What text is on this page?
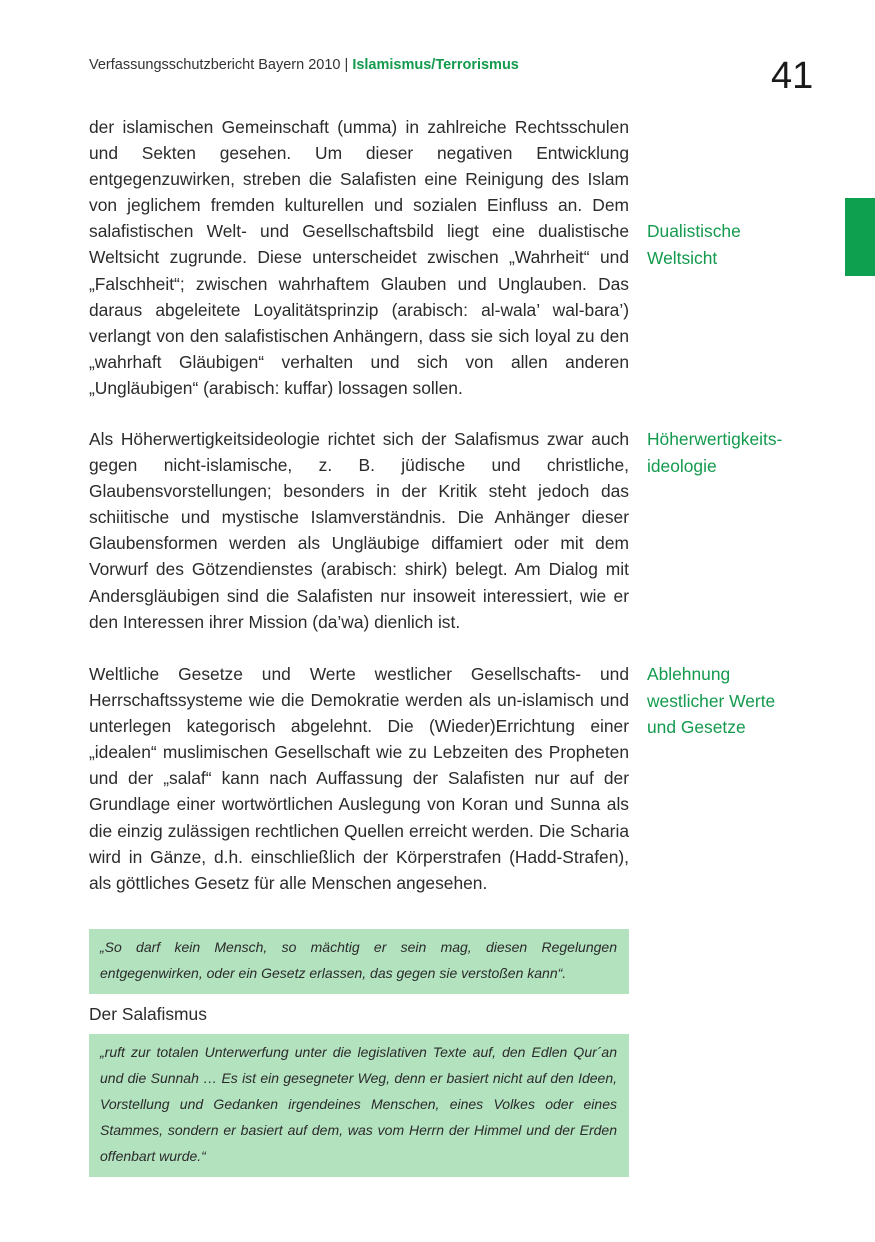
Verfassungsschutzbericht Bayern 2010 | Islamismus/Terrorismus	41

der islamischen Gemeinschaft (umma) in zahlreiche Rechtsschulen und Sekten gesehen. Um dieser negativen Entwicklung entgegenzuwirken, streben die Salafisten eine Reinigung des Islam von jeglichem fremden kulturellen und sozialen Einfluss an. Dem salafistischen Welt- und Gesellschaftsbild liegt eine dualistische Weltsicht zugrunde. Diese unterscheidet zwischen „Wahrheit“ und „Falschheit“; zwischen wahrhaftem Glauben und Unglauben. Das daraus abgeleitete Loyalitätsprinzip (arabisch: al-wala’ wal-bara’) verlangt von den salafistischen Anhängern, dass sie sich loyal zu den „wahrhaft Gläubigen“ verhalten und sich von allen anderen „Ungläubigen“ (arabisch: kuffar) lossagen sollen.

Dualistische Weltsicht

Als Höherwertigkeitsideologie richtet sich der Salafismus zwar auch gegen nicht-islamische, z. B. jüdische und christliche, Glaubensvorstellungen; besonders in der Kritik steht jedoch das schiitische und mystische Islamverständnis. Die Anhänger dieser Glaubensformen werden als Ungläubige diffamiert oder mit dem Vorwurf des Götzendienstes (arabisch: shirk) belegt. Am Dialog mit Andersgläubigen sind die Salafisten nur insoweit interessiert, wie er den Interessen ihrer Mission (da’wa) dienlich ist.

Höherwertigkeits-ideologie

Weltliche Gesetze und Werte westlicher Gesellschafts- und Herrschaftssysteme wie die Demokratie werden als un-islamisch und unterlegen kategorisch abgelehnt. Die (Wieder)Errichtung einer „idealen“ muslimischen Gesellschaft wie zu Lebzeiten des Propheten und der „salaf“ kann nach Auffassung der Salafisten nur auf der Grundlage einer wortwörtlichen Auslegung von Koran und Sunna als die einzig zulässigen rechtlichen Quellen erreicht werden. Die Scharia wird in Gänze, d.h. einschließlich der Körperstrafen (Hadd-Strafen), als göttliches Gesetz für alle Menschen angesehen.

Ablehnung westlicher Werte und Gesetze

„So darf kein Mensch, so mächtig er sein mag, diesen Regelungen entgegenwirken, oder ein Gesetz erlassen, das gegen sie verstoßen kann“.
Der Salafismus
„ruft zur totalen Unterwerfung unter die legislativen Texte auf, den Edlen Qur´an und die Sunnah … Es ist ein gesegneter Weg, denn er basiert nicht auf den Ideen, Vorstellung und Gedanken irgendeines Menschen, eines Volkes oder eines Stammes, sondern er basiert auf dem, was vom Herrn der Himmel und der Erden offenbart wurde.“
